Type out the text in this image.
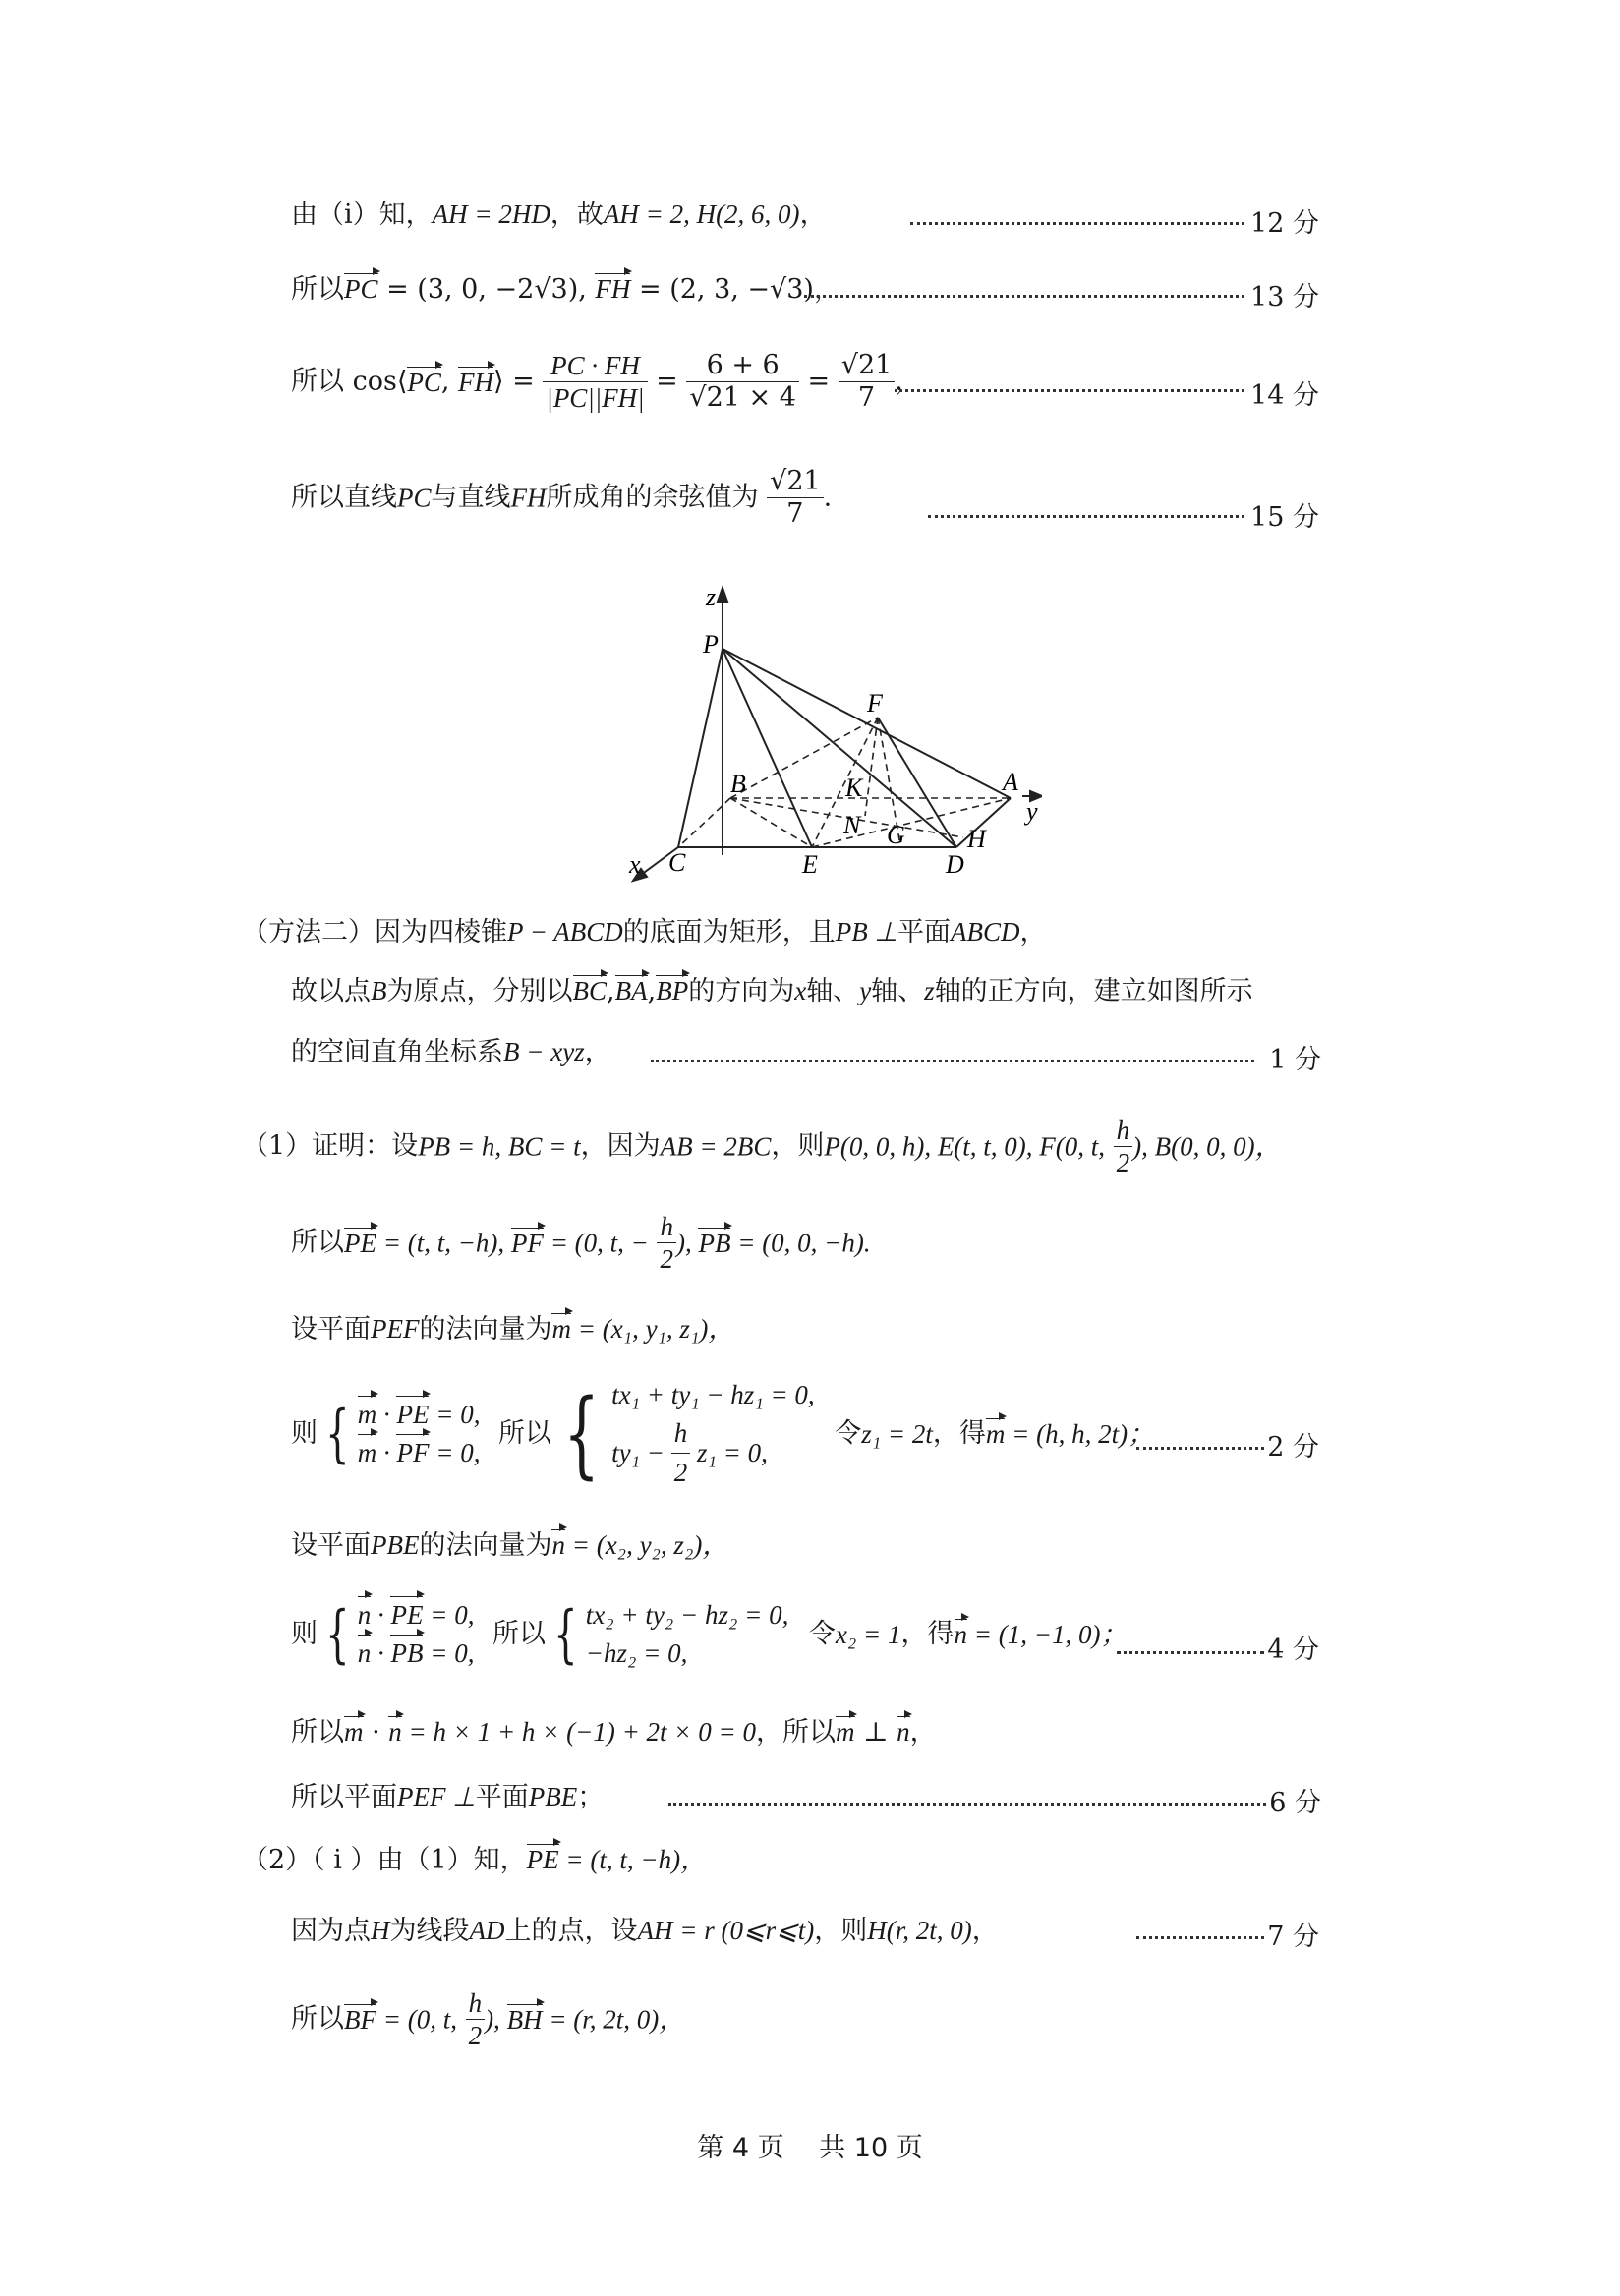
由（i）知，AH = 2HD，故AH = 2, H(2, 6, 0)，	12 分
所以PC = (3, 0, −2√3), FH = (2, 3, −√3)，	13 分
所以 cos⟨PC, FH⟩ = $\frac{PC \cdot FH}{|PC||FH|} = \frac{6 + 6}{√21 \times 4} = \frac{√21}{7}$ ，	14 分
所以直线PC与直线FH所成角的余弦值为 $\frac{√21}{7}$ .
15 分
z
P
F
B	K	A
y
N G H
C
x	E	D
（方法二）因为四棱锥P − ABCD的底面为矩形，且PB ⊥平面ABCD，
故以点B为原点，分别以BC,BA,BP的方向为x轴、y轴、z轴的正方向，建立如图所示
的空间直角坐标系B − xyz，	1 分
（1）证明：设PB = h, BC = t，因为AB = 2BC，则P(0, 0, h), E(t, t, 0), F(0, t, $\frac{h}{2}$ ), B(0, 0, 0)，
所以PE = (t, t, −h), PF = (0, t, − $\frac{h}{2}$ ), PB = (0, 0, −h).
设平面PEF的法向量为m = (x₁, y₁, z₁)，
则 { m · PE = 0,
m · PF = 0,
所以 { tx₁ + ty₁ − hz₁ = 0,
$ty_1 - \frac{h}{2} z_1 = 0$,
令z₁ = 2t，得m = (h, h, 2t)；	2 分
设平面PBE的法向量为n = (x₂, y₂, z₂)，
则 { n · PE = 0,
n · PB = 0,
所以 { tx₂ + ty₂ − hz₂ = 0,
−hz₂ = 0,
令x₂ = 1，得n = (1, −1, 0)；
4 分
所以m · n = h × 1 + h × (−1) + 2t × 0 = 0，所以m ⊥ n，
所以平面PEF ⊥平面PBE；	6 分
（2）（ i ）由（1）知，PE = (t, t, −h)，
因为点H为线段AD上的点，设AH = r (0⩽r⩽t)，则H(r, 2t, 0)，	7 分
所以BF = (0, t, $\frac{h}{2}$ ), BH = (r, 2t, 0)，
第 4 页　 共 10 页
